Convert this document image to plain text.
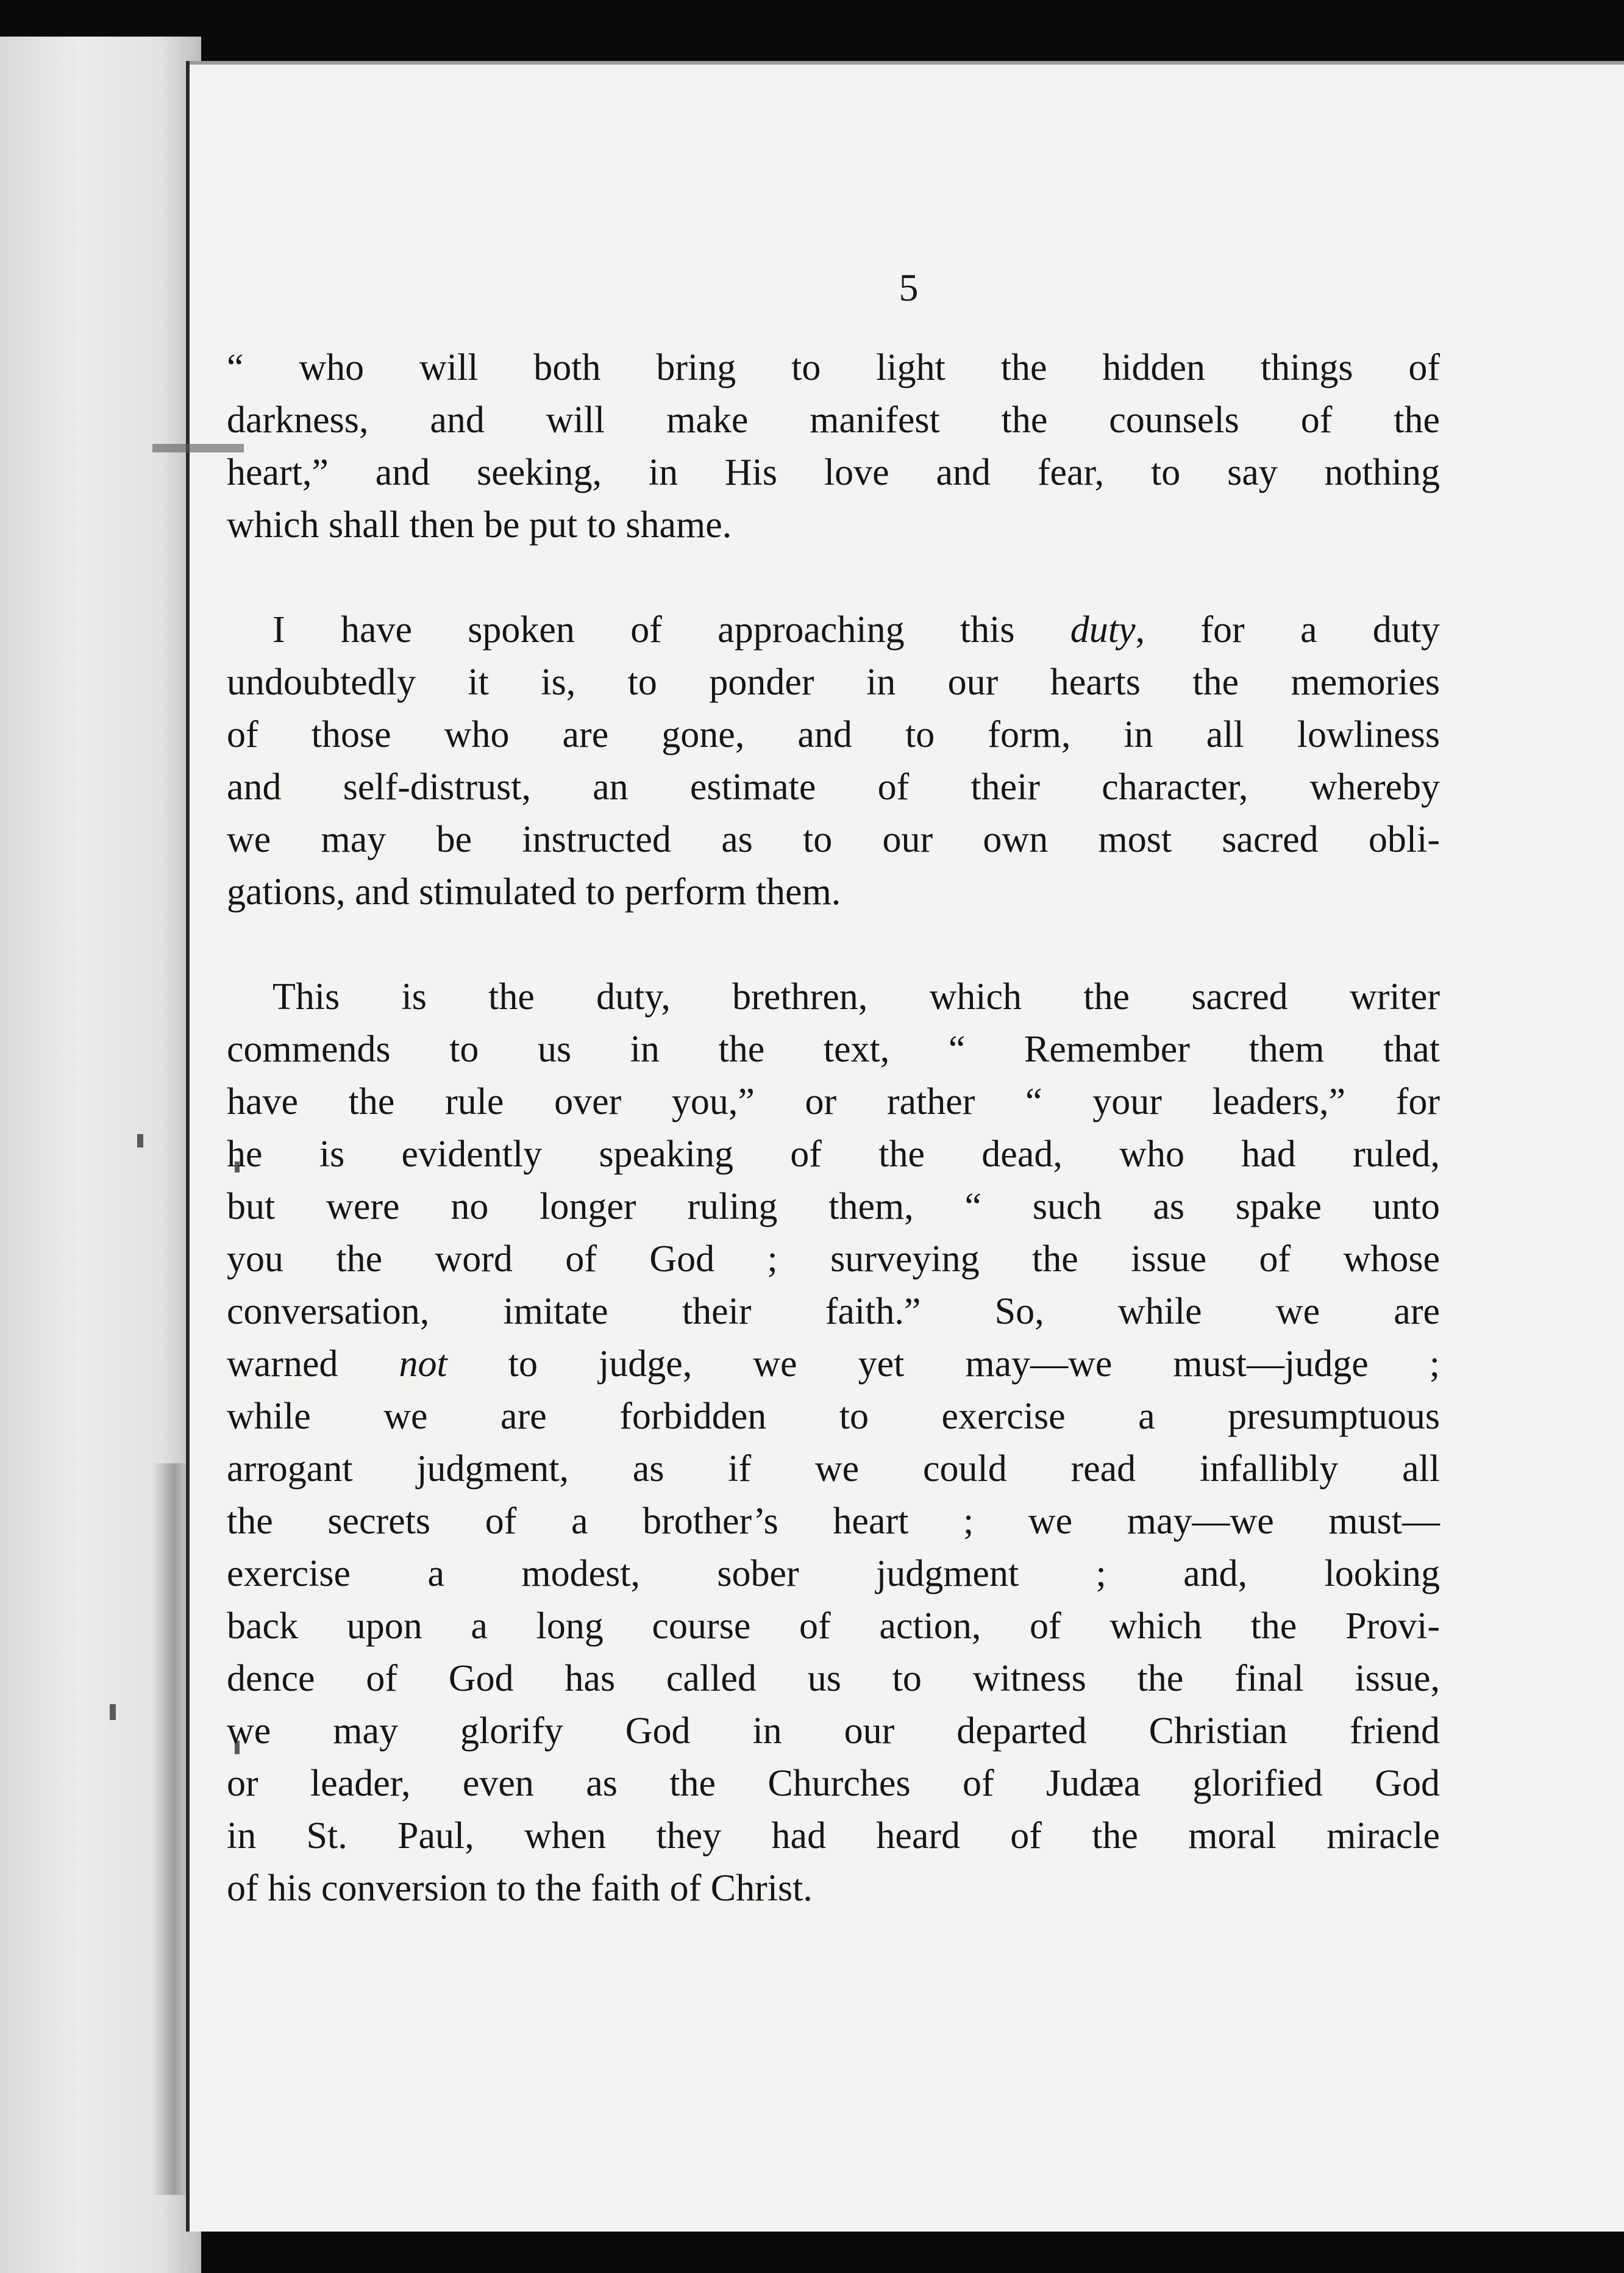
5

“ who will both bring to light the hidden things of
darkness, and will make manifest the counsels of the
heart,” and seeking, in His love and fear, to say nothing
which shall then be put to shame.
I have spoken of approaching this duty, for a duty
undoubtedly it is, to ponder in our hearts the memories
of those who are gone, and to form, in all lowliness
and self-distrust, an estimate of their character, whereby
we may be instructed as to our own most sacred obli-
gations, and stimulated to perform them.
This is the duty, brethren, which the sacred writer
commends to us in the text, “ Remember them that
have the rule over you,” or rather “ your leaders,” for
he is evidently speaking of the dead, who had ruled,
but were no longer ruling them, “ such as spake unto
you the word of God ; surveying the issue of whose
conversation, imitate their faith.” So, while we are
warned not to judge, we yet may—we must—judge ;
while we are forbidden to exercise a presumptuous
arrogant judgment, as if we could read infallibly all
the secrets of a brother’s heart ; we may—we must—
exercise a modest, sober judgment ; and, looking
back upon a long course of action, of which the Provi-
dence of God has called us to witness the final issue,
we may glorify God in our departed Christian friend
or leader, even as the Churches of Judæa glorified God
in St. Paul, when they had heard of the moral miracle
of his conversion to the faith of Christ.
